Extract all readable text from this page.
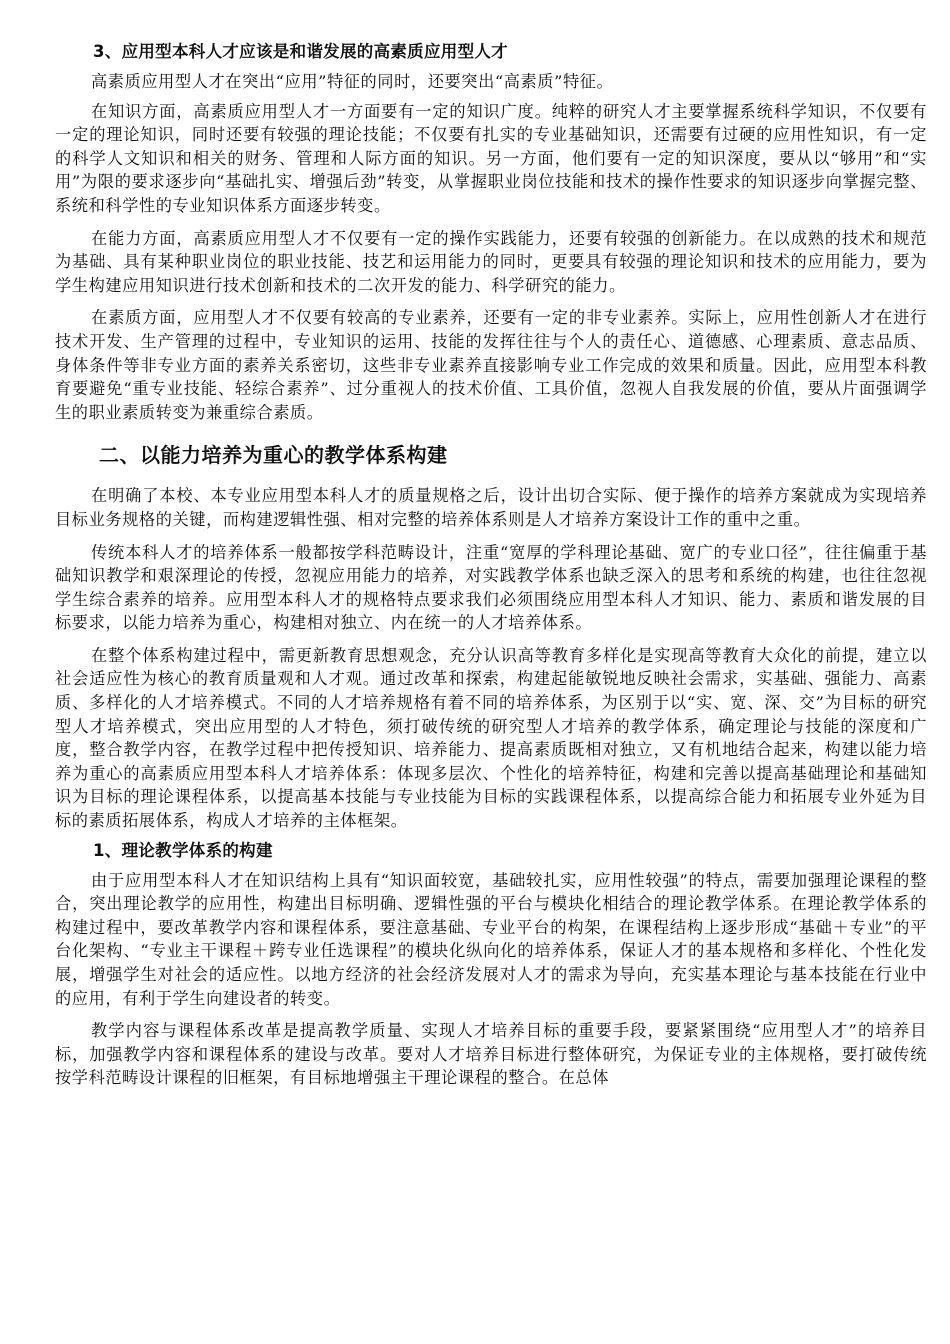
3、应用型本科人才应该是和谐发展的高素质应用型人才

高素质应用型人才在突出“应用”特征的同时，还要突出“高素质”特征。

在知识方面，高素质应用型人才一方面要有一定的知识广度。纯粹的研究人才主要掌握系统科学知识，不仅要有一定的理论知识，同时还要有较强的理论技能；不仅要有扎实的专业基础知识，还需要有过硬的应用性知识，有一定的科学人文知识和相关的财务、管理和人际方面的知识。另一方面，他们要有一定的知识深度，要从以“够用”和“实用”为限的要求逐步向“基础扎实、增强后劲”转变，从掌握职业岗位技能和技术的操作性要求的知识逐步向掌握完整、系统和科学性的专业知识体系方面逐步转变。

在能力方面，高素质应用型人才不仅要有一定的操作实践能力，还要有较强的创新能力。在以成熟的技术和规范为基础、具有某种职业岗位的职业技能、技艺和运用能力的同时，更要具有较强的理论知识和技术的应用能力，要为学生构建应用知识进行技术创新和技术的二次开发的能力、科学研究的能力。

在素质方面，应用型人才不仅要有较高的专业素养，还要有一定的非专业素养。实际上，应用性创新人才在进行技术开发、生产管理的过程中，专业知识的运用、技能的发挥往往与个人的责任心、道德感、心理素质、意志品质、身体条件等非专业方面的素养关系密切，这些非专业素养直接影响专业工作完成的效果和质量。因此，应用型本科教育要避免“重专业技能、轻综合素养”、过分重视人的技术价值、工具价值，忽视人自我发展的价值，要从片面强调学生的职业素质转变为兼重综合素质。

二、以能力培养为重心的教学体系构建

在明确了本校、本专业应用型本科人才的质量规格之后，设计出切合实际、便于操作的培养方案就成为实现培养目标业务规格的关键，而构建逻辑性强、相对完整的培养体系则是人才培养方案设计工作的重中之重。

传统本科人才的培养体系一般都按学科范畴设计，注重“宽厚的学科理论基础、宽广的专业口径”，往往偏重于基础知识教学和艰深理论的传授，忽视应用能力的培养，对实践教学体系也缺乏深入的思考和系统的构建，也往往忽视学生综合素养的培养。应用型本科人才的规格特点要求我们必须围绕应用型本科人才知识、能力、素质和谐发展的目标要求，以能力培养为重心，构建相对独立、内在统一的人才培养体系。

在整个体系构建过程中，需更新教育思想观念，充分认识高等教育多样化是实现高等教育大众化的前提，建立以社会适应性为核心的教育质量观和人才观。通过改革和探索，构建起能敏锐地反映社会需求，实基础、强能力、高素质、多样化的人才培养模式。不同的人才培养规格有着不同的培养体系，为区别于以“实、宽、深、交”为目标的研究型人才培养模式，突出应用型的人才特色，须打破传统的研究型人才培养的教学体系，确定理论与技能的深度和广度，整合教学内容，在教学过程中把传授知识、培养能力、提高素质既相对独立，又有机地结合起来，构建以能力培养为重心的高素质应用型本科人才培养体系：体现多层次、个性化的培养特征，构建和完善以提高基础理论和基础知识为目标的理论课程体系，以提高基本技能与专业技能为目标的实践课程体系，以提高综合能力和拓展专业外延为目标的素质拓展体系，构成人才培养的主体框架。

1、理论教学体系的构建

由于应用型本科人才在知识结构上具有“知识面较宽，基础较扎实，应用性较强”的特点，需要加强理论课程的整合，突出理论教学的应用性，构建出目标明确、逻辑性强的平台与模块化相结合的理论教学体系。在理论教学体系的构建过程中，要改革教学内容和课程体系，要注意基础、专业平台的构架，在课程结构上逐步形成“基础＋专业”的平台化架构、“专业主干课程＋跨专业任选课程”的模块化纵向化的培养体系，保证人才的基本规格和多样化、个性化发展，增强学生对社会的适应性。以地方经济的社会经济发展对人才的需求为导向，充实基本理论与基本技能在行业中的应用，有利于学生向建设者的转变。

教学内容与课程体系改革是提高教学质量、实现人才培养目标的重要手段，要紧紧围绕“应用型人才”的培养目标，加强教学内容和课程体系的建设与改革。要对人才培养目标进行整体研究，为保证专业的主体规格，要打破传统按学科范畴设计课程的旧框架，有目标地增强主干理论课程的整合。在总体
